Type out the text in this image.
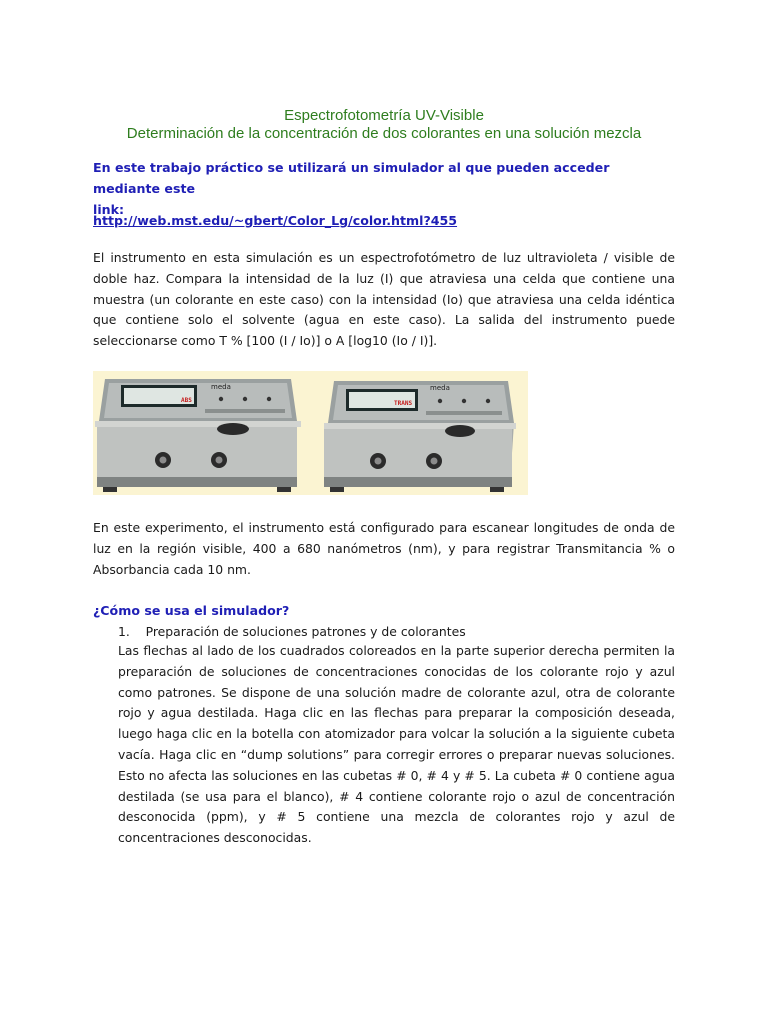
Espectrofotometría UV-Visible
Determinación de la concentración de dos colorantes en una solución mezcla
En este trabajo práctico se utilizará un simulador al que pueden acceder mediante este
link:
http://web.mst.edu/~gbert/Color_Lg/color.html?455
El instrumento en esta simulación es un espectrofotómetro de luz ultravioleta / visible de doble haz. Compara la intensidad de la luz (I) que atraviesa una celda que contiene una muestra (un colorante en este caso) con la intensidad (Io) que atraviesa una celda idéntica que contiene solo el solvente (agua en este caso). La salida del instrumento puede seleccionarse como T % [100 (I / Io)] o A [log10 (Io / I)].
ABS
meda
TRANS
meda
En este experimento, el instrumento está configurado para escanear longitudes de onda de luz en la región visible, 400 a 680 nanómetros (nm), y para registrar Transmitancia % o Absorbancia cada 10 nm.
¿Cómo se usa el simulador?
1. Preparación de soluciones patrones y de colorantes
Las flechas al lado de los cuadrados coloreados en la parte superior derecha permiten la preparación de soluciones de concentraciones conocidas de los colorante rojo y azul como patrones. Se dispone de una solución madre de colorante azul, otra de colorante rojo y agua destilada. Haga clic en las flechas para preparar la composición deseada, luego haga clic en la botella con atomizador para volcar la solución a la siguiente cubeta vacía. Haga clic en “dump solutions” para corregir errores o preparar nuevas soluciones. Esto no afecta las soluciones en las cubetas # 0, # 4 y # 5. La cubeta # 0 contiene agua destilada (se usa para el blanco), # 4 contiene colorante rojo o azul de concentración desconocida (ppm), y # 5 contiene una mezcla de colorantes rojo y azul de concentraciones desconocidas.
